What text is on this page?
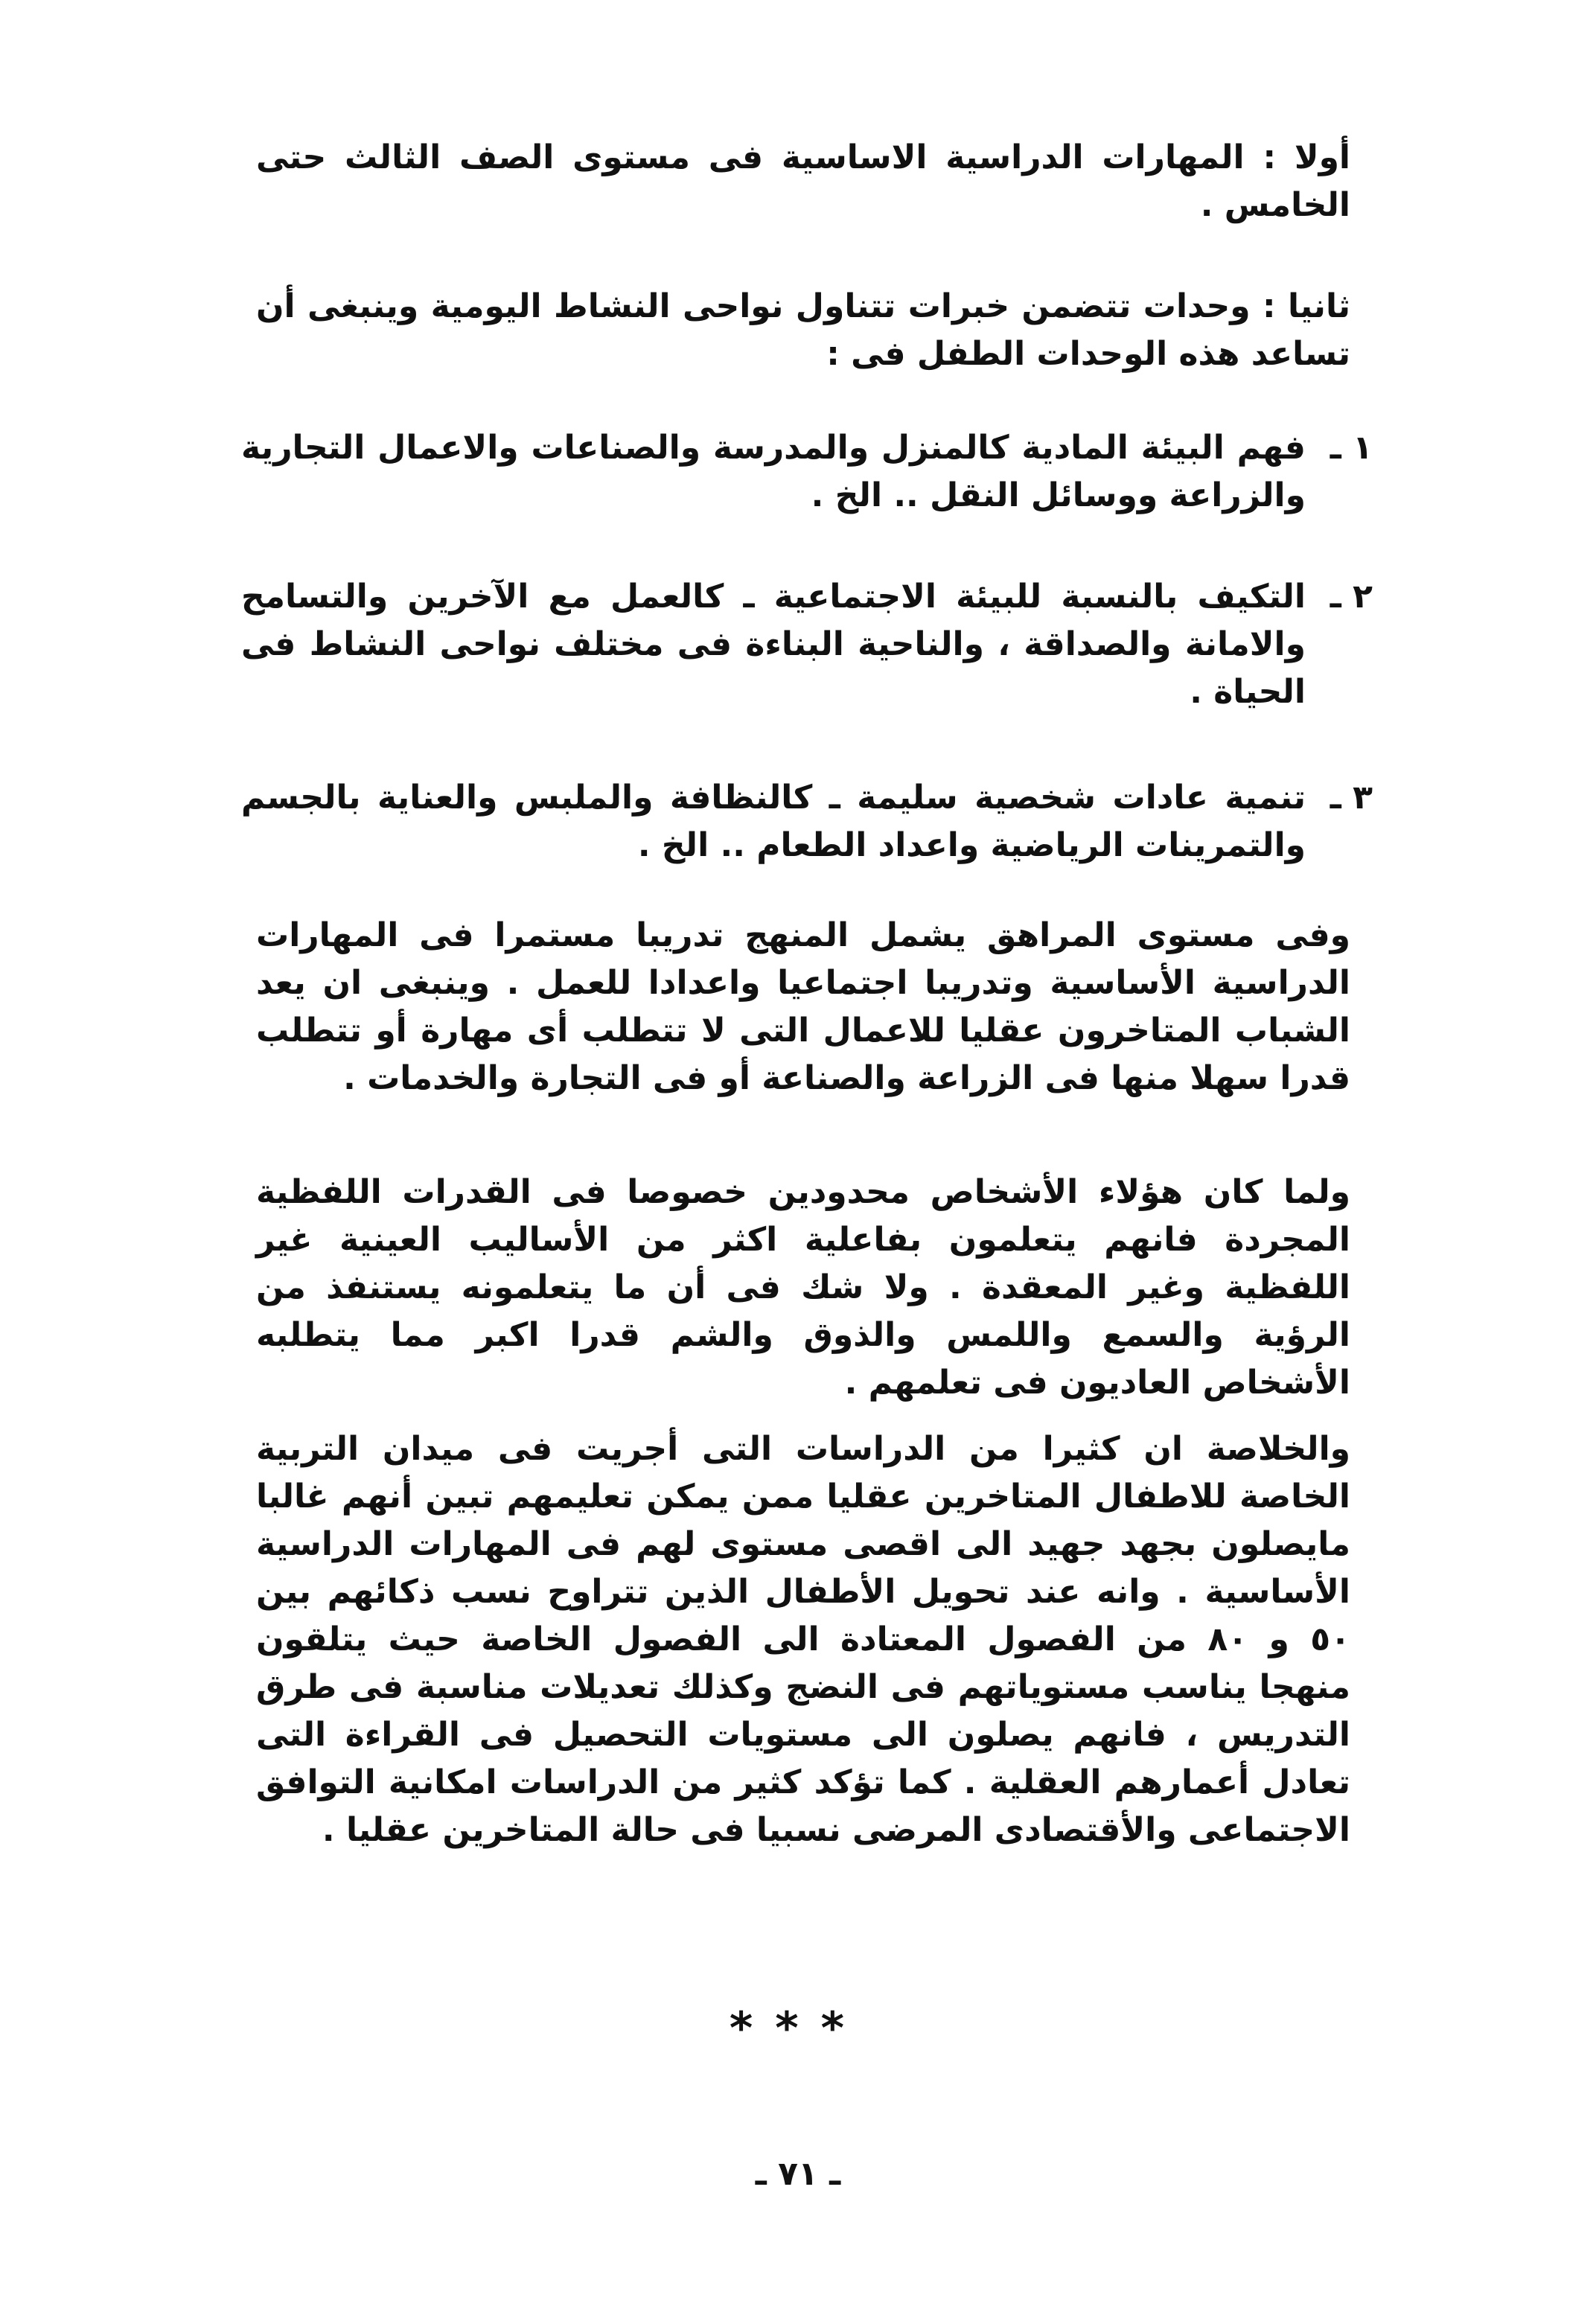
أولا : المهارات الدراسية الاساسية فى مستوى الصف الثالث حتى الخامس .
ثانيا : وحدات تتضمن خبرات تتناول نواحى النشاط اليومية وينبغى أن تساعد هذه الوحدات الطفل فى :
١ ـ
فهم البيئة المادية كالمنزل والمدرسة والصناعات والاعمال التجارية والزراعة ووسائل النقل .. الخ .
٢ ـ
التكيف بالنسبة للبيئة الاجتماعية ـ كالعمل مع الآخرين والتسامح والامانة والصداقة ، والناحية البناءة فى مختلف نواحى النشاط فى الحياة .
٣ ـ
تنمية عادات شخصية سليمة ـ كالنظافة والملبس والعناية بالجسم والتمرينات الرياضية واعداد الطعام .. الخ .
وفى مستوى المراهق يشمل المنهج تدريبا مستمرا فى المهارات الدراسية الأساسية وتدريبا اجتماعيا واعدادا للعمل . وينبغى ان يعد الشباب المتاخرون عقليا للاعمال التى لا تتطلب أى مهارة أو تتطلب قدرا سهلا منها فى الزراعة والصناعة أو فى التجارة والخدمات .
ولما كان هؤلاء الأشخاص محدودين خصوصا فى القدرات اللفظية المجردة فانهم يتعلمون بفاعلية اكثر من الأساليب العينية غير اللفظية وغير المعقدة . ولا شك فى أن ما يتعلمونه يستنفذ من الرؤية والسمع واللمس والذوق والشم قدرا اكبر مما يتطلبه الأشخاص العاديون فى تعلمهم .
والخلاصة ان كثيرا من الدراسات التى أجريت فى ميدان التربية الخاصة للاطفال المتاخرين عقليا ممن يمكن تعليمهم تبين أنهم غالبا مايصلون بجهد جهيد الى اقصى مستوى لهم فى المهارات الدراسية الأساسية . وانه عند تحويل الأطفال الذين تتراوح نسب ذكائهم بين ٥٠ و ٨٠ من الفصول المعتادة الى الفصول الخاصة حيث يتلقون منهجا يناسب مستوياتهم فى النضج وكذلك تعديلات مناسبة فى طرق التدريس ، فانهم يصلون الى مستويات التحصيل فى القراءة التى تعادل أعمارهم العقلية . كما تؤكد كثير من الدراسات امكانية التوافق الاجتماعى والأقتصادى المرضى نسبيا فى حالة المتاخرين عقليا .
***
ـ ٧١ ـ
